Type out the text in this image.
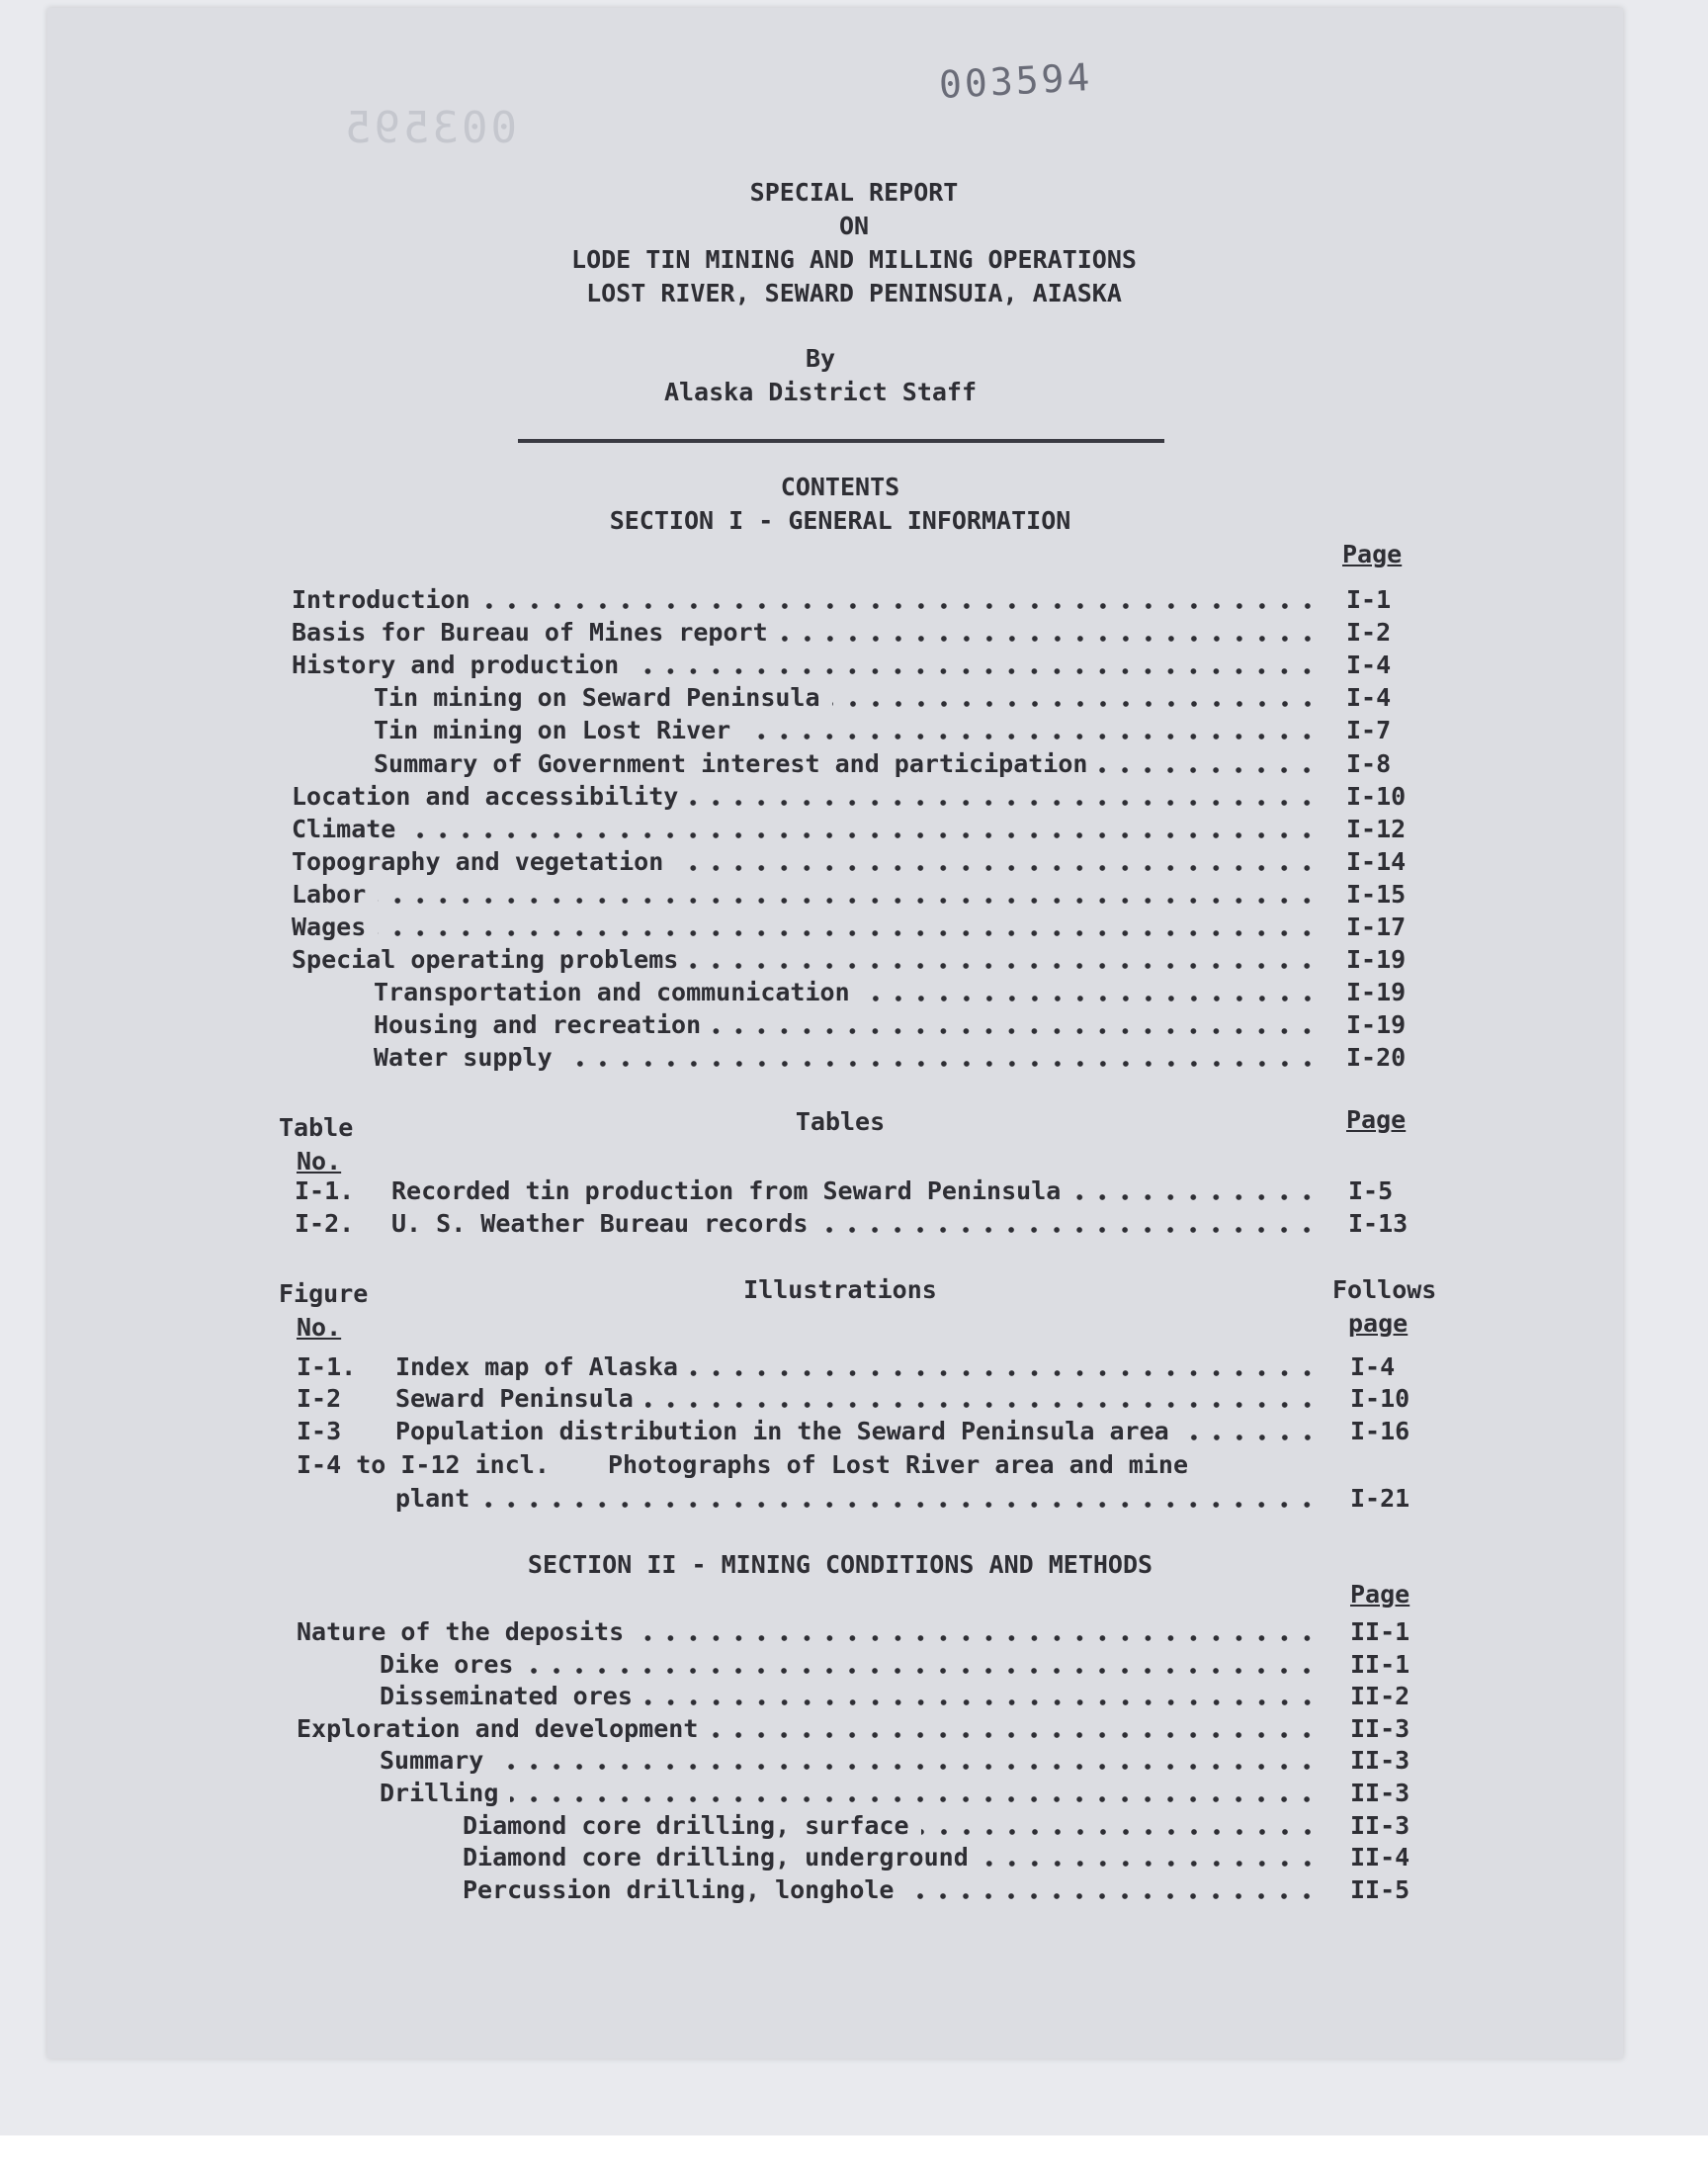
003594
003595
SPECIAL REPORT
ON
LODE TIN MINING AND MILLING OPERATIONS
LOST RIVER, SEWARD PENINSUIA, AIASKA
By
Alaska District Staff
CONTENTS
SECTION I - GENERAL INFORMATION
Page
Introduction	I-1
Basis for Bureau of Mines report	I-2
History and production	I-4
Tin mining on Seward Peninsula	I-4
Tin mining on Lost River	I-7
Summary of Government interest and participation	I-8
Location and accessibility	I-10
Climate	I-12
Topography and vegetation	I-14
Labor	I-15
Wages	I-17
Special operating problems	I-19
Transportation and communication	I-19
Housing and recreation	I-19
Water supply	I-20
Table
No.
Tables	Page
I-1. Recorded tin production from Seward Peninsula	I-5
I-2. U. S. Weather Bureau records	I-13
Figure
No.
Illustrations	Follows
page
I-1. Index map of Alaska	I-4
I-2 Seward Peninsula	I-10
I-3 Population distribution in the Seward Peninsula area	I-16
I-4 to I-12 incl. Photographs of Lost River area and mine
plant	I-21
SECTION II - MINING CONDITIONS AND METHODS
Page
Nature of the deposits	II-1
Dike ores	II-1
Disseminated ores	II-2
Exploration and development	II-3
Summary	II-3
Drilling	II-3
Diamond core drilling, surface	II-3
Diamond core drilling, underground	II-4
Percussion drilling, longhole	II-5
